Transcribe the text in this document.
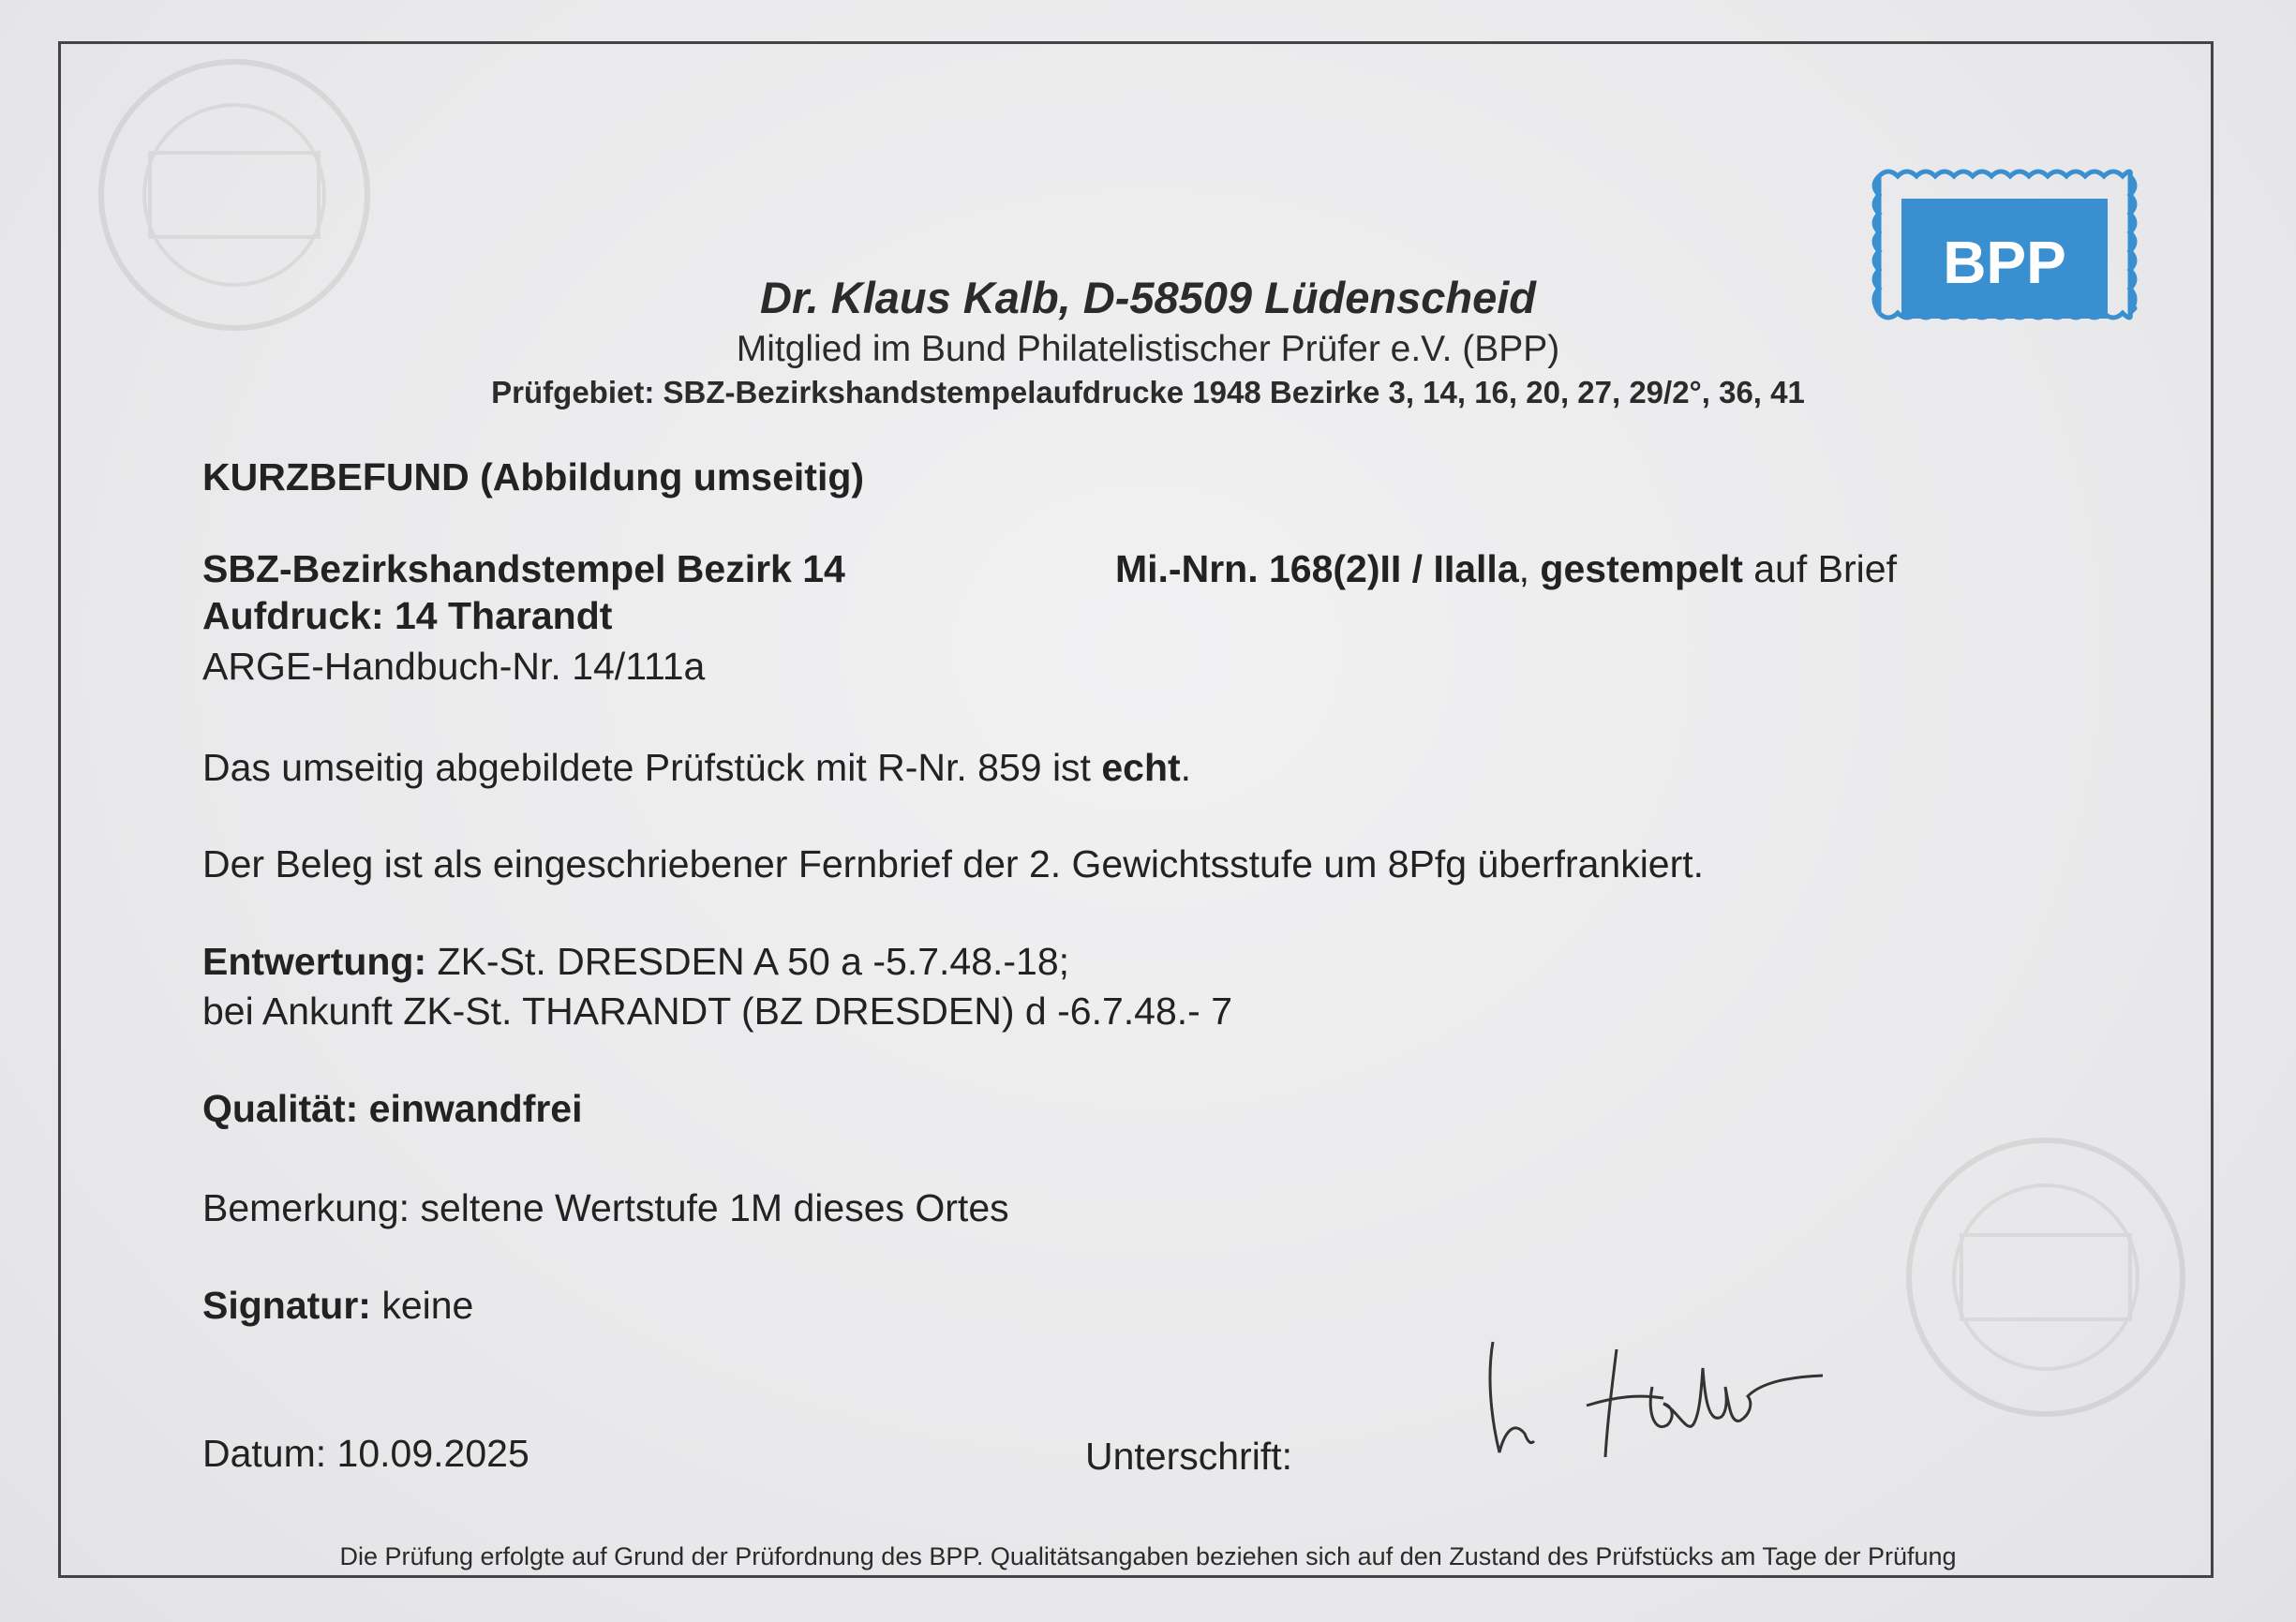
BPP
Dr. Klaus Kalb, D-58509 Lüdenscheid
Mitglied im Bund Philatelistischer Prüfer e.V. (BPP)
Prüfgebiet: SBZ-Bezirkshandstempelaufdrucke 1948 Bezirke 3, 14, 16, 20, 27, 29/2°, 36, 41
KURZBEFUND (Abbildung umseitig)
SBZ-Bezirkshandstempel Bezirk 14
Aufdruck: 14 Tharandt
ARGE-Handbuch-Nr. 14/111a
Mi.-Nrn. 168(2)II / IIalla, gestempelt auf Brief
Das umseitig abgebildete Prüfstück mit R-Nr. 859 ist echt.
Der Beleg ist als eingeschriebener Fernbrief der 2. Gewichtsstufe um 8Pfg überfrankiert.
Entwertung: ZK-St. DRESDEN A 50 a -5.7.48.-18;
bei Ankunft ZK-St. THARANDT (BZ DRESDEN) d -6.7.48.- 7
Qualität: einwandfrei
Bemerkung: seltene Wertstufe 1M dieses Ortes
Signatur: keine
Datum: 10.09.2025	Unterschrift:
Die Prüfung erfolgte auf Grund der Prüfordnung des BPP. Qualitätsangaben beziehen sich auf den Zustand des Prüfstücks am Tage der Prüfung
